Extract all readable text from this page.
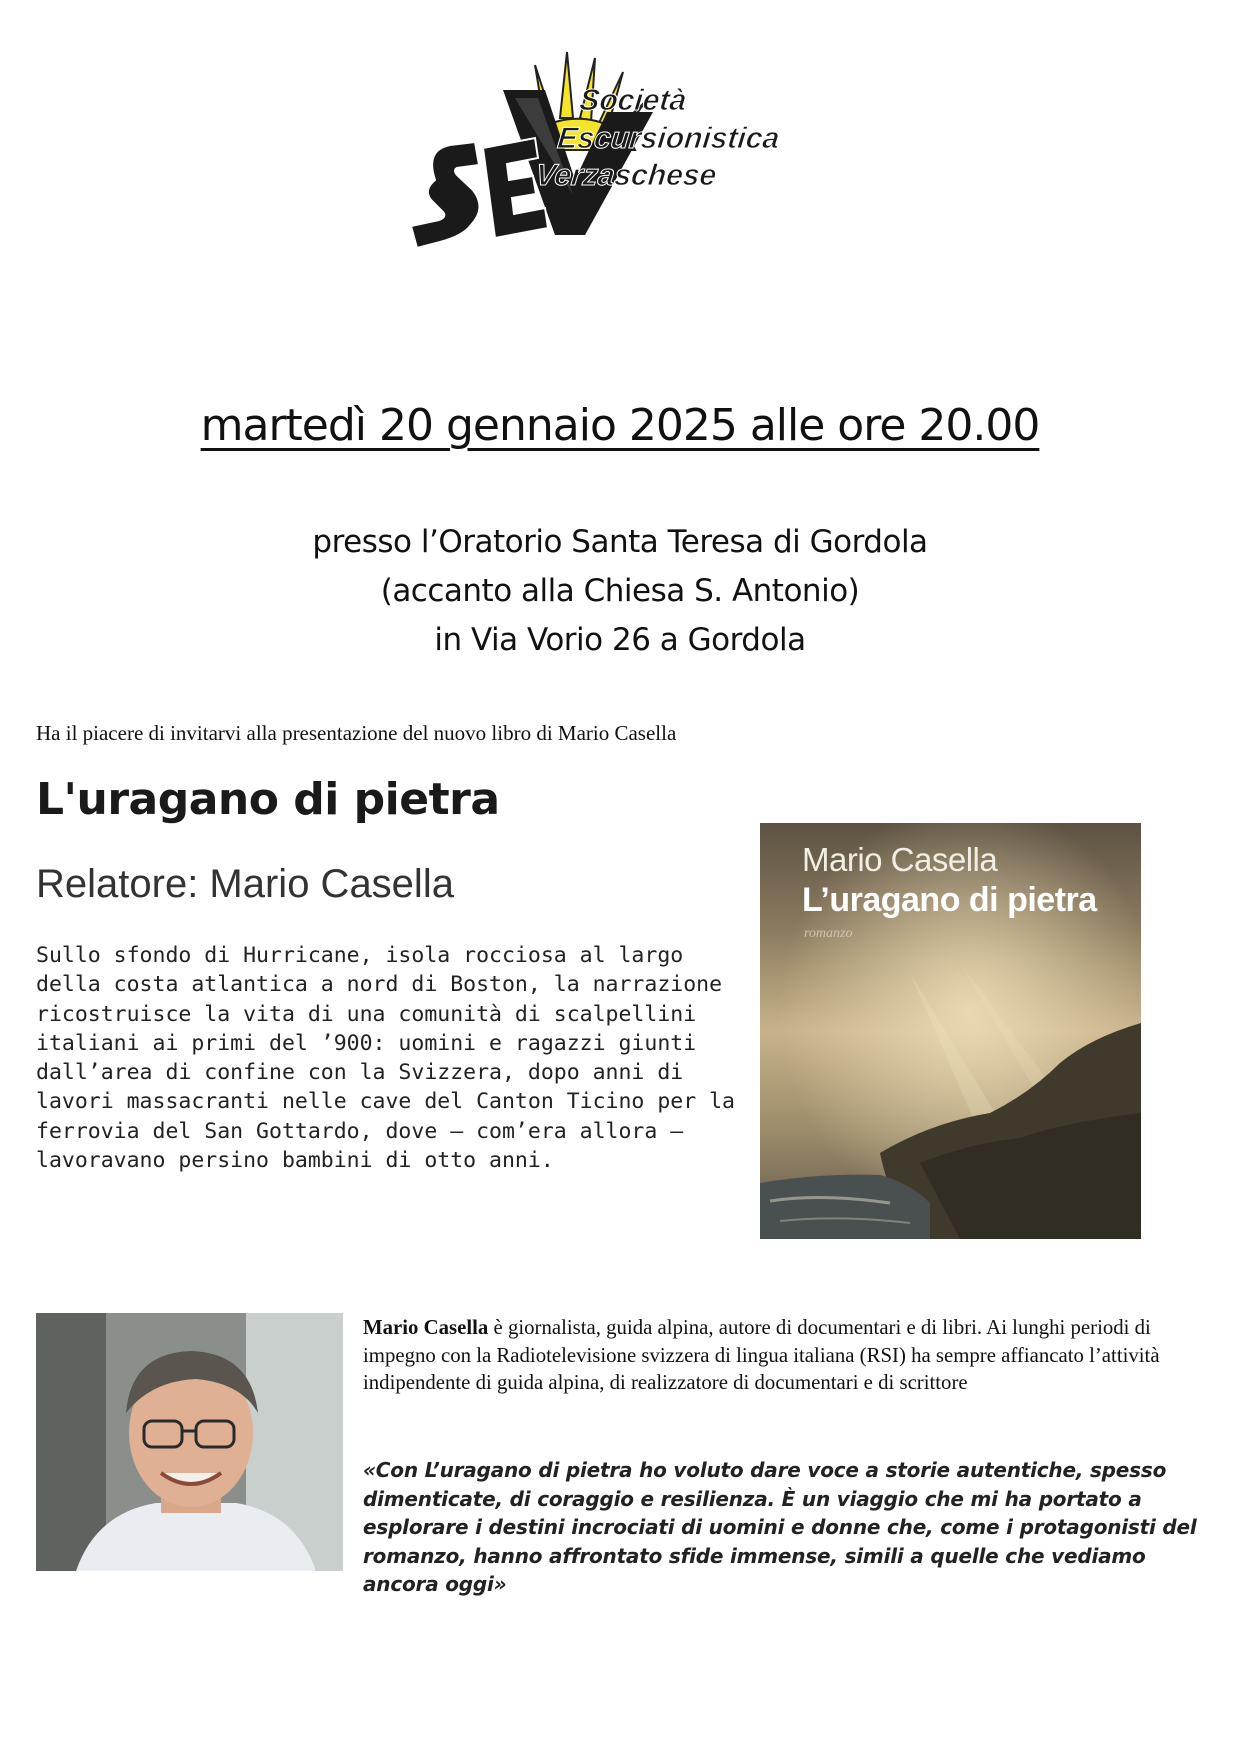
Società
Escursionistica
Verzaschese
martedì 20 gennaio 2025 alle ore 20.00
presso l’Oratorio Santa Teresa di Gordola
(accanto alla Chiesa S. Antonio)
in Via Vorio 26 a Gordola
Ha il piacere di invitarvi alla presentazione del nuovo libro di Mario Casella
L'uragano di pietra
Relatore: Mario Casella
Sullo sfondo di Hurricane, isola rocciosa al largo della costa atlantica a nord di Boston, la narrazione ricostruisce la vita di una comunità di scalpellini italiani ai primi del ’900: uomini e ragazzi giunti dall’area di confine con la Svizzera, dopo anni di lavori massacranti nelle cave del Canton Ticino per la ferrovia del San Gottardo, dove – com’era allora – lavoravano persino bambini di otto anni.
Mario Casella
L’uragano di pietra
romanzo
Mario Casella è giornalista, guida alpina, autore di documentari e di libri. Ai lunghi periodi di impegno con la Radiotelevisione svizzera di lingua italiana (RSI) ha sempre affiancato l’attività indipendente di guida alpina, di realizzatore di documentari e di scrittore
«Con L’uragano di pietra ho voluto dare voce a storie autentiche, spesso dimenticate, di coraggio e resilienza. È un viaggio che mi ha portato a esplorare i destini incrociati di uomini e donne che, come i protagonisti del romanzo, hanno affrontato sfide immense, simili a quelle che vediamo ancora oggi»
